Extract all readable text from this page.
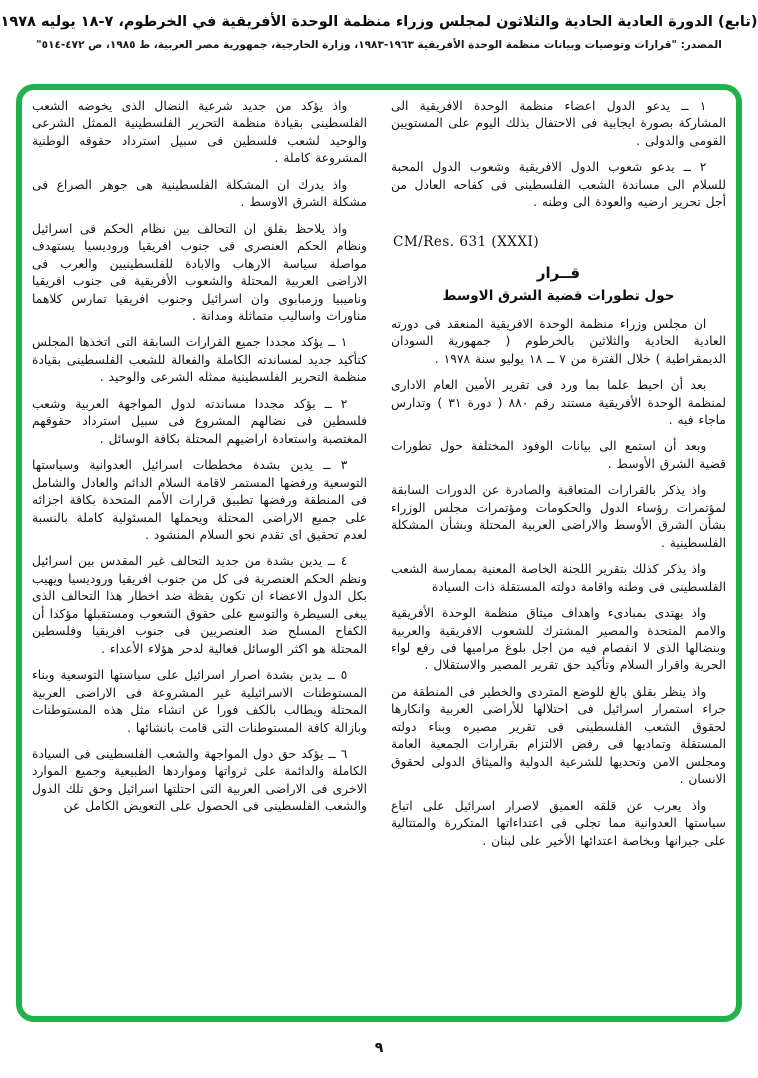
(تابع) الدورة العادية الحادية والثلاثون لمجلس وزراء منظمة الوحدة الأفريقية في الخرطوم، ٧-١٨ يوليه ١٩٧٨
المصدر: "قرارات وتوصيات وبيانات منظمة الوحدة الأفريقية ١٩٦٣-١٩٨٣، وزارة الخارجية، جمهورية مصر العربية، ط ١٩٨٥، ص ٤٧٢-٥١٤"

١ ــ يدعو الدول اعضاء منظمة الوحدة الافريقية الى المشاركة بصورة ايجابية فى الاحتفال بذلك اليوم على المستويين القومى والدولى .

٢ ــ يدعو شعوب الدول الافريقية وشعوب الدول المحبة للسلام الى مساندة الشعب الفلسطينى فى كفاحه العادل من أجل تحرير ارضيه والعودة الى وطنه .

CM/Res. 631 (XXXI)
قــرار
حول تطورات قضية الشرق الاوسط

ان مجلس وزراء منظمة الوحدة الافريقية المنعقد فى دورته العادية الحادية والثلاثين بالخرطوم ( جمهورية السودان الديمقراطية ) خلال الفترة من ٧ ــ ١٨ يوليو سنة ١٩٧٨ .

بعد أن احيط علما بما ورد فى تقرير الأمين العام الادارى لمنظمة الوحدة الأفريقية مستند رقم ٨٨٠ ( دورة ٣١ ) وتدارس ماجاء فيه .

وبعد أن استمع الى بيانات الوفود المختلفة حول تطورات قضية الشرق الأوسط .

واذ يذكر بالقرارات المتعاقبة والصادرة عن الدورات السابقة لمؤتمرات رؤساء الدول والحكومات ومؤتمرات مجلس الوزراء بشأن الشرق الأوسط والاراضى العربية المحتلة وبشأن المشكلة الفلسطينية .

واذ يذكر كذلك بتقرير اللجنة الخاصة المعنية بممارسة الشعب الفلسطينى فى وطنه واقامة دولته المستقلة ذات السيادة

واذ يهتدى بمبادىء واهداف ميثاق منظمة الوحدة الأفريقية والامم المتحدة والمصير المشترك للشعوب الافريقية والعربية وبنضالها الذى لا انفصام فيه من اجل بلوغ مراميها فى رفع لواء الحرية واقرار السلام وتأكيد حق تقرير المصير والاستقلال .

واذ ينظر بقلق بالغ للوضع المتردى والخطير فى المنطقة من جراء استمرار اسرائيل فى احتلالها للأراضى العربية وانكارها لحقوق الشعب الفلسطينى فى تقرير مصيره وبناء دولته المستقلة وتماديها فى رفض الالتزام بقرارات الجمعية العامة ومجلس الامن وتحديها للشرعية الدولية والميثاق الدولى لحقوق الانسان .

واذ يعرب عن قلقه العميق لاصرار اسرائيل على اتباع سياستها العدوانية مما تجلى فى اعتداءاتها المتكررة والمتتالية على جيرانها وبخاصة اعتدائها الأخير على لبنان .

واذ يؤكد من جديد شرعية النضال الذى يخوضه الشعب الفلسطينى بقيادة منظمة التحرير الفلسطينية الممثل الشرعى والوحيد لشعب فلسطين فى سبيل استرداد حقوقه الوطنية المشروعة كاملة .

واذ يدرك ان المشكلة الفلسطينية هى جوهر الصراع فى مشكلة الشرق الاوسط .

واذ يلاحظ بقلق ان التحالف بين نظام الحكم فى اسرائيل ونظام الحكم العنصرى فى جنوب افريقيا وروديسيا يستهدف مواصلة سياسة الارهاب والابادة للفلسطينيين والعرب فى الاراضى العربية المحتلة والشعوب الأفريقية فى جنوب افريقيا وناميبيا وزمبابوى وان اسرائيل وجنوب افريقيا تمارس كلاهما مناورات واساليب متماثلة ومدانة .

١ ــ يؤكد مجددا جميع القرارات السابقة التى اتخذها المجلس كتأكيد جديد لمساندته الكاملة والفعالة للشعب الفلسطينى بقيادة منظمة التحرير الفلسطينية ممثله الشرعى والوحيد .

٢ ــ يؤكد مجددا مساندته لدول المواجهة العربية وشعب فلسطين فى نضالهم المشروع فى سبيل استرداد حقوقهم المغتصبة واستعادة اراضيهم المحتلة بكافة الوسائل .

٣ ــ يدين بشدة مخططات اسرائيل العدوانية وسياستها التوسعية ورفضها المستمر لاقامة السلام الدائم والعادل والشامل فى المنطقة ورفضها تطبيق قرارات الأمم المتحدة بكافة اجزائه على جميع الاراضى المحتلة ويحملها المسئولية كاملة بالنسبة لعدم تحقيق اى تقدم نحو السلام المنشود .

٤ ــ يدين بشدة من جديد التحالف غير المقدس بين اسرائيل ونظم الحكم العنصرية فى كل من جنوب افريقيا وروديسيا ويهيب بكل الدول الاعضاء ان تكون يقظة ضد اخطار هذا التحالف الذى يبغى السيطرة والتوسع على حقوق الشعوب ومستقبلها مؤكدا أن الكفاح المسلح ضد العنصريين فى جنوب افريقيا وفلسطين المحتلة هو اكثر الوسائل فعالية لدحر هؤلاء الأعداء .

٥ ــ يدين بشدة اصرار اسرائيل على سياستها التوسعية وبناء المستوطنات الاسرائيلية غير المشروعة فى الاراضى العربية المحتلة ويطالب بالكف فورا عن انشاء مثل هذه المستوطنات وبازالة كافة المستوطنات التى قامت بانشائها .

٦ ــ يؤكد حق دول المواجهة والشعب الفلسطينى فى السيادة الكاملة والدائمة على ثرواتها ومواردها الطبيعية وجميع الموارد الاخرى فى الاراضى العربية التى احتلتها اسرائيل وحق تلك الدول والشعب الفلسطينى فى الحصول على التعويض الكامل عن

٩
